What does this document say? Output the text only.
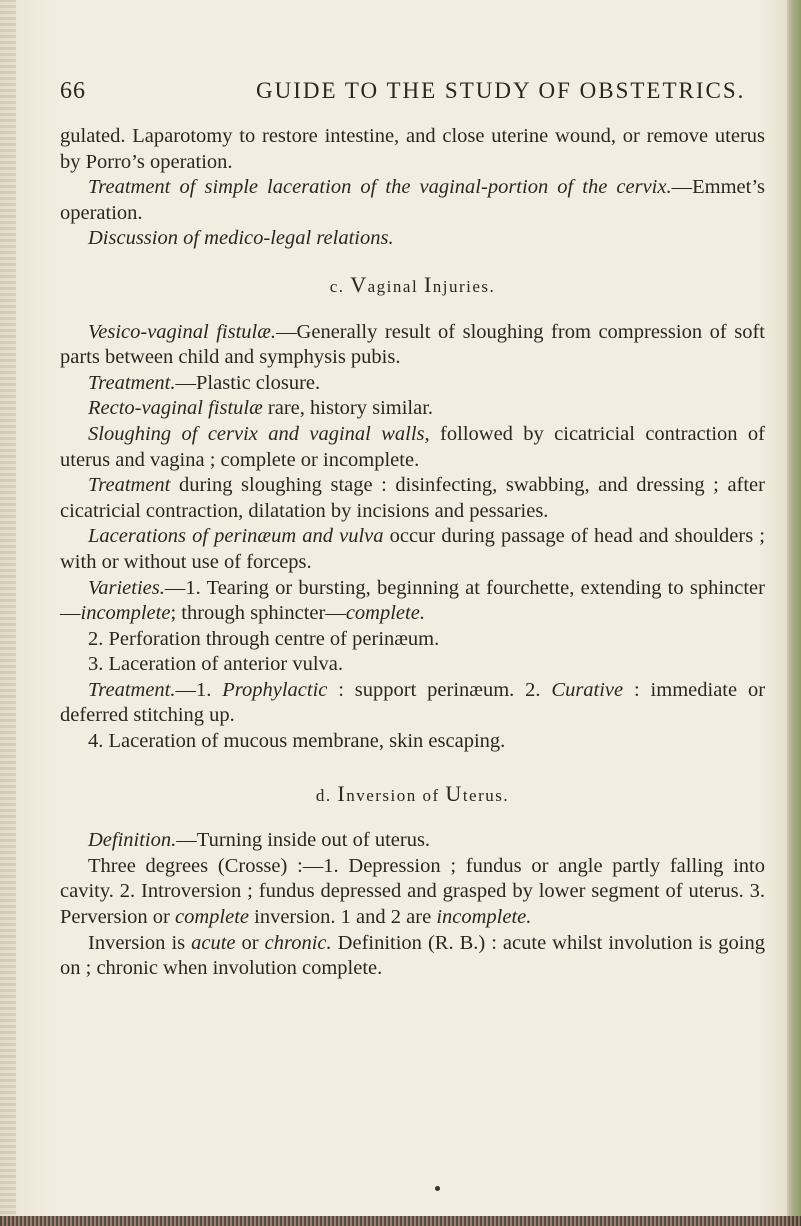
66	GUIDE TO THE STUDY OF OBSTETRICS.

gulated. Laparotomy to restore intestine, and close uterine wound, or remove uterus by Porro’s operation.

Treatment of simple laceration of the vaginal-portion of the cervix.—Emmet’s operation.

Discussion of medico-legal relations.

c. Vaginal Injuries.

Vesico-vaginal fistulæ.—Generally result of sloughing from compression of soft parts between child and symphysis pubis.

Treatment.—Plastic closure.

Recto-vaginal fistulæ rare, history similar.

Sloughing of cervix and vaginal walls, followed by cicatricial contraction of uterus and vagina ; complete or incomplete.

Treatment during sloughing stage : disinfecting, swabbing, and dressing ; after cicatricial contraction, dilatation by incisions and pessaries.

Lacerations of perinæum and vulva occur during passage of head and shoulders ; with or without use of forceps.

Varieties.—1. Tearing or bursting, beginning at fourchette, extending to sphincter—incomplete; through sphincter—complete.

2. Perforation through centre of perinæum.

3. Laceration of anterior vulva.

Treatment.—1. Prophylactic : support perinæum. 2. Curative : immediate or deferred stitching up.

4. Laceration of mucous membrane, skin escaping.

d. Inversion of Uterus.

Definition.—Turning inside out of uterus.

Three degrees (Crosse) :—1. Depression ; fundus or angle partly falling into cavity. 2. Introversion ; fundus depressed and grasped by lower segment of uterus. 3. Perversion or complete inversion. 1 and 2 are incomplete.

Inversion is acute or chronic. Definition (R. B.) : acute whilst involution is going on ; chronic when involution complete.
